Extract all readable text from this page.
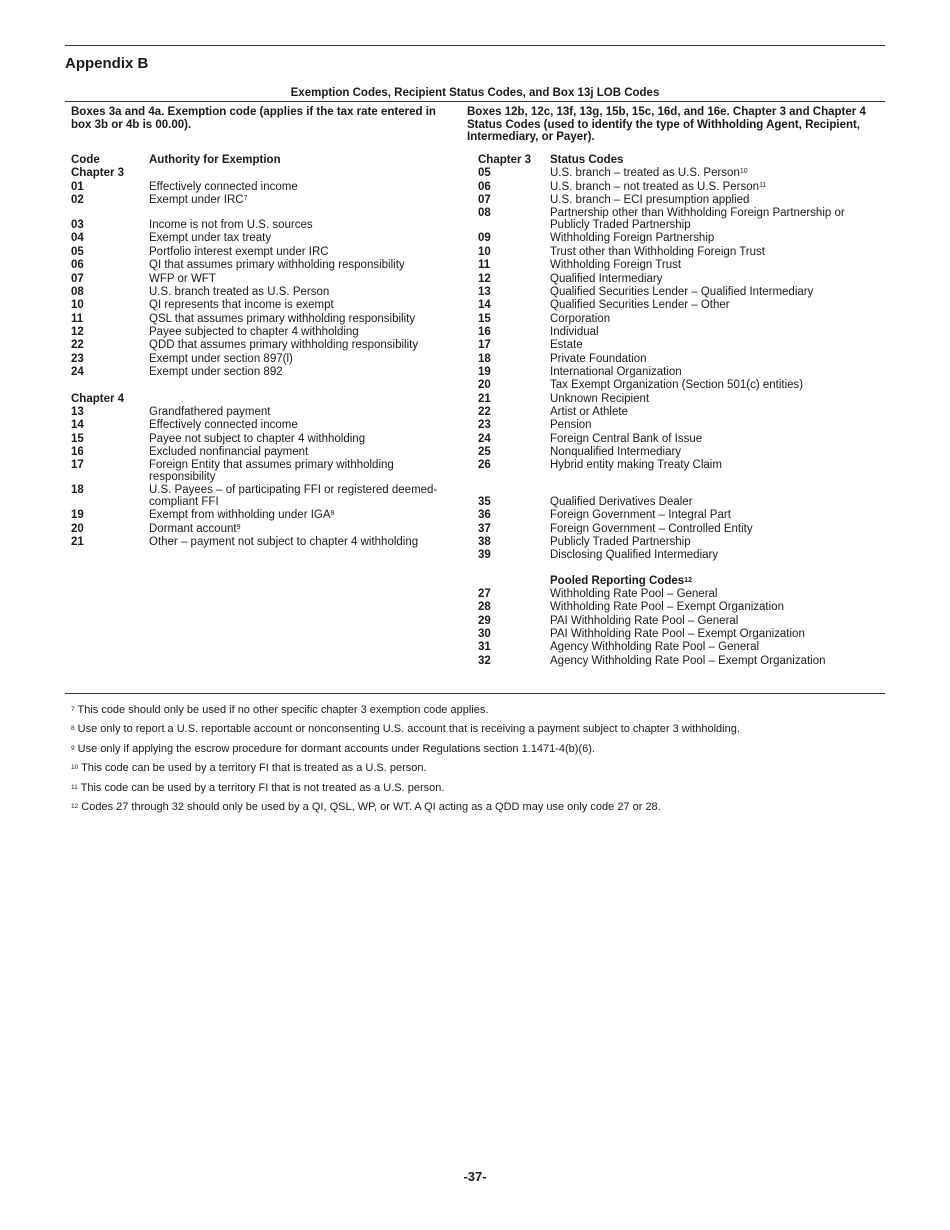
Appendix B
Exemption Codes, Recipient Status Codes, and Box 13j LOB Codes
Boxes 3a and 4a. Exemption code (applies if the tax rate entered in box 3b or 4b is 00.00).
Boxes 12b, 12c, 13f, 13g, 15b, 15c, 16d, and 16e. Chapter 3 and Chapter 4 Status Codes (used to identify the type of Withholding Agent, Recipient, Intermediary, or Payer).
Code	Authority for Exemption
Chapter 3
Chapter 4
Chapter 3 Status Codes
Pooled Reporting Codes$^{12}$
01	Effectively connected income
02	Exempt under IRC$^7$
03	Income is not from U.S. sources
04	Exempt under tax treaty
05	Portfolio interest exempt under IRC
06	QI that assumes primary withholding responsibility
07	WFP or WFT
08	U.S. branch treated as U.S. Person
10	QI represents that income is exempt
11	QSL that assumes primary withholding responsibility
12	Payee subjected to chapter 4 withholding
22	QDD that assumes primary withholding responsibility
23	Exempt under section 897(l)
24	Exempt under section 892
13	Grandfathered payment
14	Effectively connected income
15	Payee not subject to chapter 4 withholding
16	Excluded nonfinancial payment
17	Foreign Entity that assumes primary withholding responsibility
18	U.S. Payees – of participating FFI or registered deemed-compliant FFI
19	Exempt from withholding under IGA$^8$
20	Dormant account$^9$
21	Other – payment not subject to chapter 4 withholding
05	U.S. branch – treated as U.S. Person$^{10}$
06	U.S. branch – not treated as U.S. Person$^{11}$
07	U.S. branch – ECI presumption applied
08	Partnership other than Withholding Foreign Partnership or Publicly Traded Partnership
09	Withholding Foreign Partnership
10	Trust other than Withholding Foreign Trust
11	Withholding Foreign Trust
12	Qualified Intermediary
13	Qualified Securities Lender – Qualified Intermediary
14	Qualified Securities Lender – Other
15	Corporation
16	Individual
17	Estate
18	Private Foundation
19	International Organization
20	Tax Exempt Organization (Section 501(c) entities)
21	Unknown Recipient
22	Artist or Athlete
23	Pension
24	Foreign Central Bank of Issue
25	Nonqualified Intermediary
26	Hybrid entity making Treaty Claim
35	Qualified Derivatives Dealer
36	Foreign Government – Integral Part
37	Foreign Government – Controlled Entity
38	Publicly Traded Partnership
39	Disclosing Qualified Intermediary
27	Withholding Rate Pool – General
28	Withholding Rate Pool – Exempt Organization
29	PAI Withholding Rate Pool – General
30	PAI Withholding Rate Pool – Exempt Organization
31	Agency Withholding Rate Pool – General
32	Agency Withholding Rate Pool – Exempt Organization
$^7$ This code should only be used if no other specific chapter 3 exemption code applies.
$^8$ Use only to report a U.S. reportable account or nonconsenting U.S. account that is receiving a payment subject to chapter 3 withholding.
$^9$ Use only if applying the escrow procedure for dormant accounts under Regulations section 1.1471-4(b)(6).
$^{10}$ This code can be used by a territory FI that is treated as a U.S. person.
$^{11}$ This code can be used by a territory FI that is not treated as a U.S. person.
$^{12}$ Codes 27 through 32 should only be used by a QI, QSL, WP, or WT. A QI acting as a QDD may use only code 27 or 28.
-37-
